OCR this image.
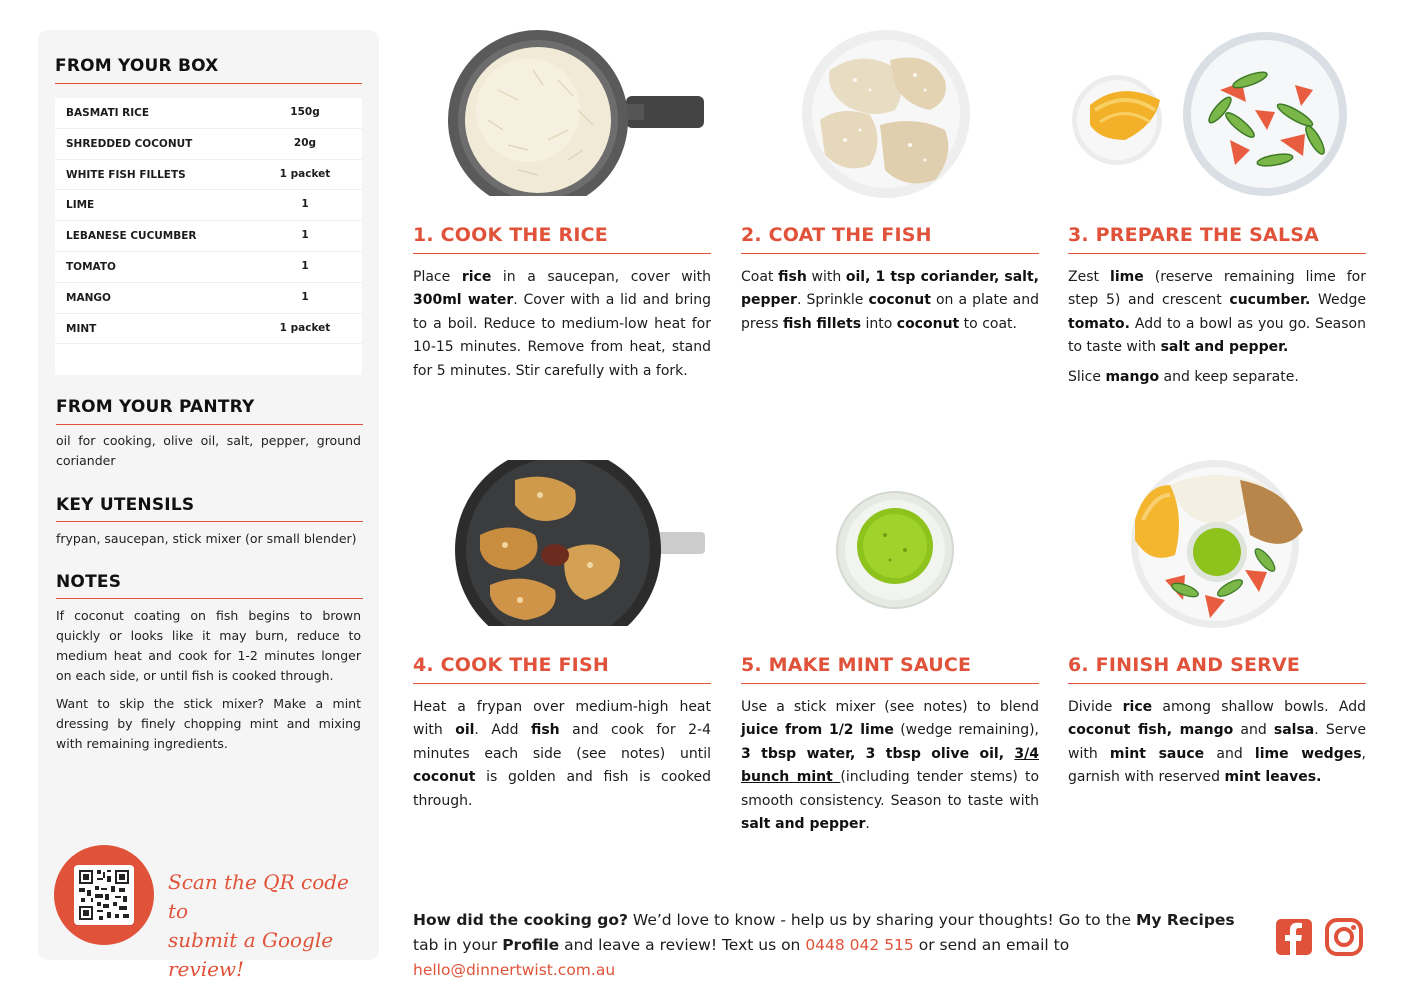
FROM YOUR BOX
BASMATI RICE	150g
SHREDDED COCONUT	20g
WHITE FISH FILLETS	1 packet
LIME	1
LEBANESE CUCUMBER	1
TOMATO	1
MANGO	1
MINT	1 packet
FROM YOUR PANTRY
oil for cooking, olive oil, salt, pepper, ground coriander
KEY UTENSILS
frypan, saucepan, stick mixer (or small blender)
NOTES
If coconut coating on fish begins to brown quickly or looks like it may burn, reduce to medium heat and cook for 1-2 minutes longer on each side, or until fish is cooked through.
Want to skip the stick mixer? Make a mint dressing by finely chopping mint and mixing with remaining ingredients.
Scan the QR code to
submit a Google review!
1. COOK THE RICE
Place rice in a saucepan, cover with 300ml water. Cover with a lid and bring to a boil. Reduce to medium-low heat for 10-15 minutes. Remove from heat, stand for 5 minutes. Stir carefully with a fork.
2. COAT THE FISH
Coat fish with oil, 1 tsp coriander, salt, pepper. Sprinkle coconut on a plate and press fish fillets into coconut to coat.
3. PREPARE THE SALSA

Zest lime (reserve remaining lime for step 5) and crescent cucumber. Wedge tomato. Add to a bowl as you go. Season to taste with salt and pepper.

Slice mango and keep separate.

4. COOK THE FISH
Heat a frypan over medium-high heat with oil. Add fish and cook for 2-4 minutes each side (see notes) until coconut is golden and fish is cooked through.
5. MAKE MINT SAUCE
Use a stick mixer (see notes) to blend juice from 1/2 lime (wedge remaining), 3 tbsp water, 3 tbsp olive oil, 3/4 bunch mint (including tender stems) to smooth consistency. Season to taste with salt and pepper.
6. FINISH AND SERVE
Divide rice among shallow bowls. Add coconut fish, mango and salsa. Serve with mint sauce and lime wedges, garnish with reserved mint leaves.
How did the cooking go? We’d love to know - help us by sharing your thoughts! Go to the My Recipes tab in your Profile and leave a review! Text us on 0448 042 515 or send an email to hello@dinnertwist.com.au
